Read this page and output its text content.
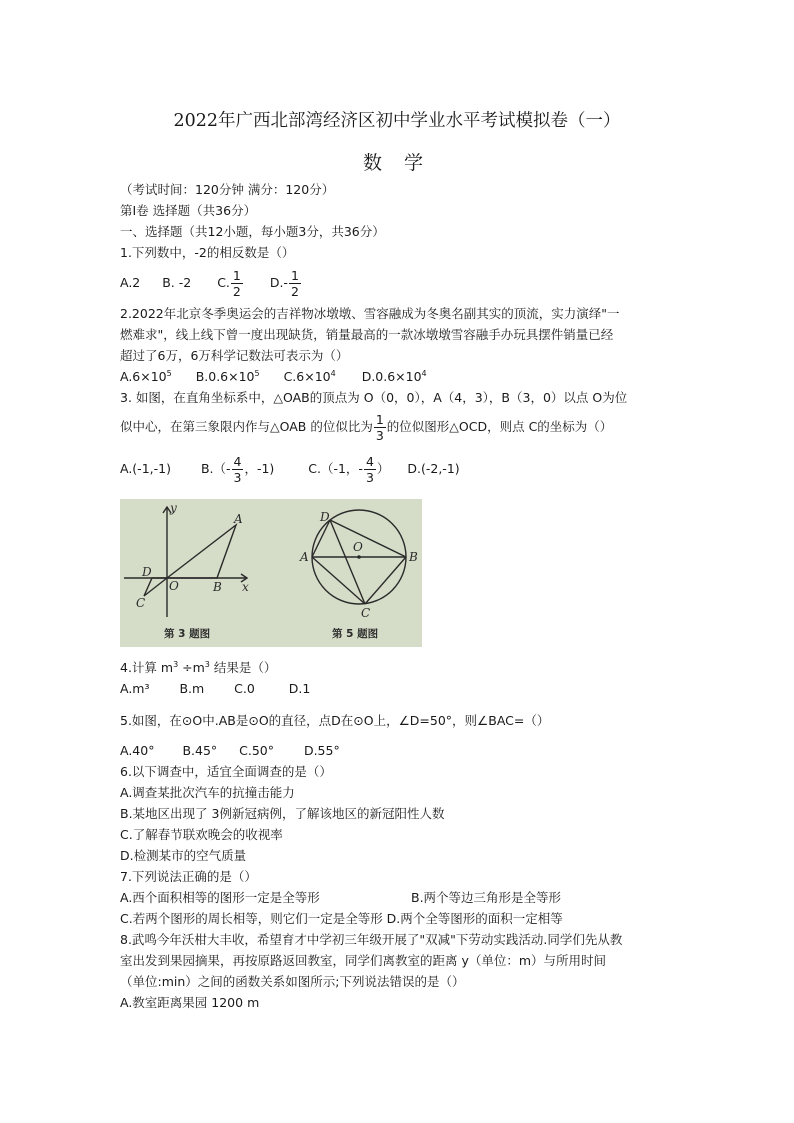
2022年广西北部湾经济区初中学业水平考试模拟卷（一）
数 学
（考试时间：120分钟 满分：120分）
第Ⅰ卷 选择题（共36分）
一、选择题（共12小题，每小题3分，共36分）
1.下列数中，-2的相反数是（）
A.2 B. -2 C. $\frac{1}{2} D.- \frac{1}{2}$
2.2022年北京冬季奥运会的吉祥物冰墩墩、雪容融成为冬奥名副其实的顶流，实力演绎"一
燃难求"，线上线下曾一度出现缺货，销量最高的一款冰墩墩雪容融手办玩具摆件销量已经
超过了6万，6万科学记数法可表示为（）
$A.6\times 10^5$ $B.0.6\times 10^5$ $C.6\times 10^4$ $D.0.6\times 10^4$
3. 如图，在直角坐标系中，△OAB的顶点为 O（0，0），A（4，3），B（3，0）以点 O为位
似中心，在第三象限内作与△OAB 的位似比为 $\frac{1}{3}$ 的位似图形△OCD，则点 C的坐标为（）
A.(-1,-1) $B.(- \frac{4}{3}$ ，-1)	C.（-1，- $\frac{4}{3}$ ） D.(-2,-1)
y
x
A
B
O
C
D
第 3 题图
D
O
A	B
C
第 5 题图
4.计算 $m^3 \div m^3$ 结果是（）
A.m³ B.m C.0	D.1
5.如图，在⊙O中.AB是⊙O的直径，点D在⊙O上，∠D=50°，则∠BAC=（）
A.40° B.45° C.50° D.55°
6.以下调查中，适宜全面调查的是（）
A.调查某批次汽车的抗撞击能力
B.某地区出现了 3例新冠病例，了解该地区的新冠阳性人数
C.了解春节联欢晚会的收视率
D.检测某市的空气质量
7.下列说法正确的是（）
A.西个面积相等的图形一定是全等形	B.两个等边三角形是全等形
C.若两个图形的周长相等，则它们一定是全等形 D.两个全等图形的面积一定相等
8.武鸣今年沃柑大丰收，希望育才中学初三年级开展了"双减"下劳动实践活动.同学们先从教
室出发到果园摘果，再按原路返回教室，同学们离教室的距离 y（单位：m）与所用时间
（单位:min）之间的函数关系如图所示;下列说法错误的是（）
A.教室距离果园 1200 m
